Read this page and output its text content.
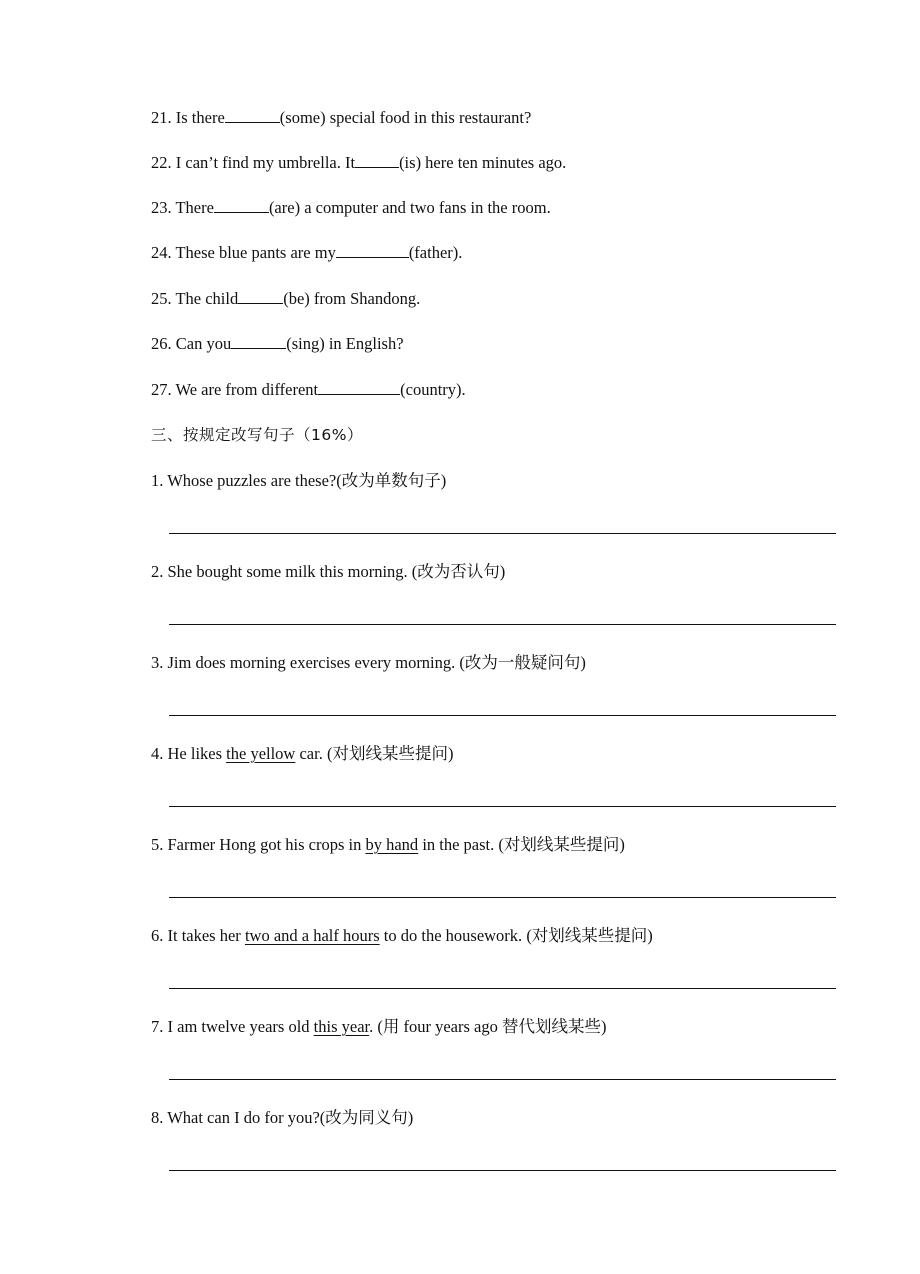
21. Is there	(some) special food in this restaurant?
22. I can’t find my umbrella. It	(is) here ten minutes ago.
23. There	(are) a computer and two fans in the room.
24. These blue pants are my	(father).
25. The child	(be) from Shandong.
26. Can you	(sing) in English?
27. We are from different	(country).
三、按规定改写句子（16%）
1. Whose puzzles are these?(改为单数句子)
2. She bought some milk this morning. (改为否认句)
3. Jim does morning exercises every morning. (改为一般疑问句)
4. He likes the yellow car. (对划线某些提问)
5. Farmer Hong got his crops in by hand in the past. (对划线某些提问)
6. It takes her two and a half hours to do the housework. (对划线某些提问)
7. I am twelve years old this year. (用 four years ago 替代划线某些)
8. What can I do for you?(改为同义句)
